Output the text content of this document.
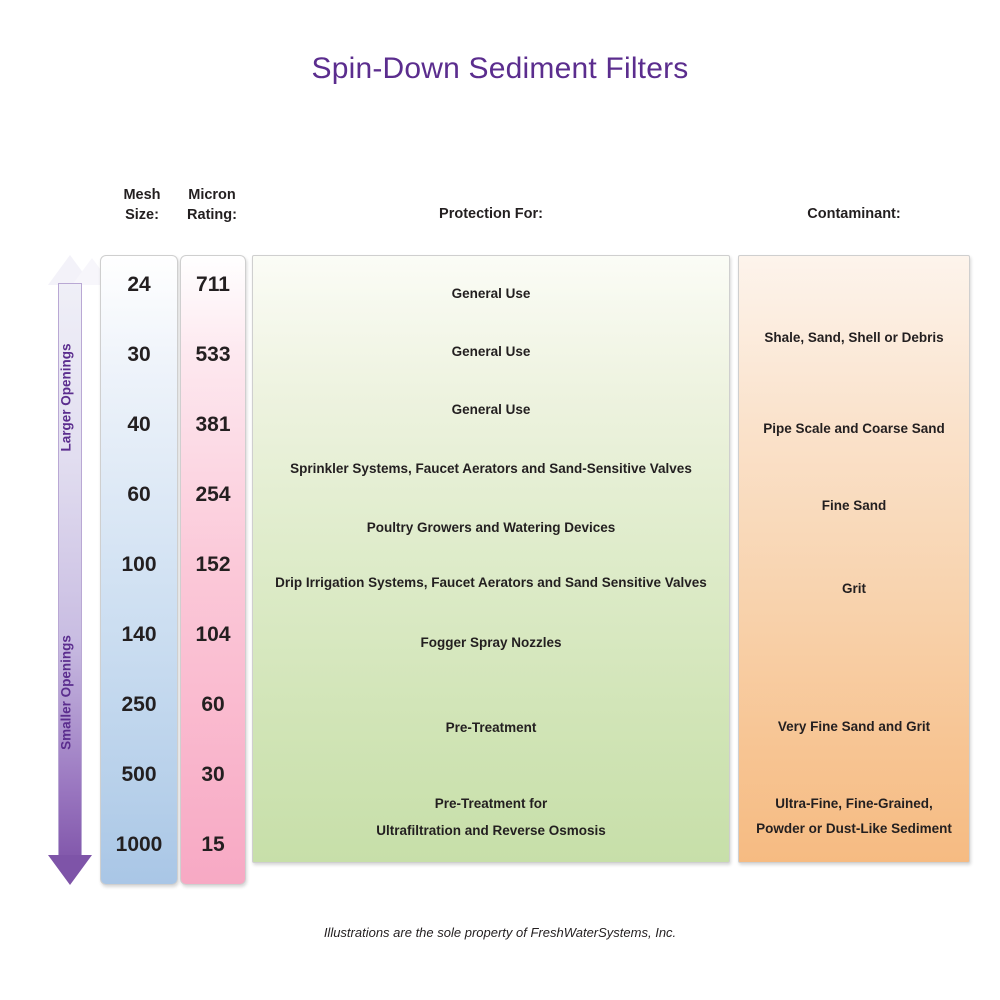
Spin-Down Sediment Filters
Mesh
Size:
Micron
Rating:	Protection For:	Contaminant:
Larger Openings
Smaller Openings
24
30
40
60
100
140
250
500
1000
711
533
381
254
152
104
60
30
15
General Use
General Use
General Use
Sprinkler Systems, Faucet Aerators and Sand-Sensitive Valves
Poultry Growers and Watering Devices
Drip Irrigation Systems, Faucet Aerators and Sand Sensitive Valves
Fogger Spray Nozzles
Pre-Treatment
Pre-Treatment for
Ultrafiltration and Reverse Osmosis
Shale, Sand, Shell or Debris
Pipe Scale and Coarse Sand
Fine Sand
Grit
Very Fine Sand and Grit
Ultra-Fine, Fine-Grained,
Powder or Dust-Like Sediment
Illustrations are the sole property of FreshWaterSystems, Inc.
